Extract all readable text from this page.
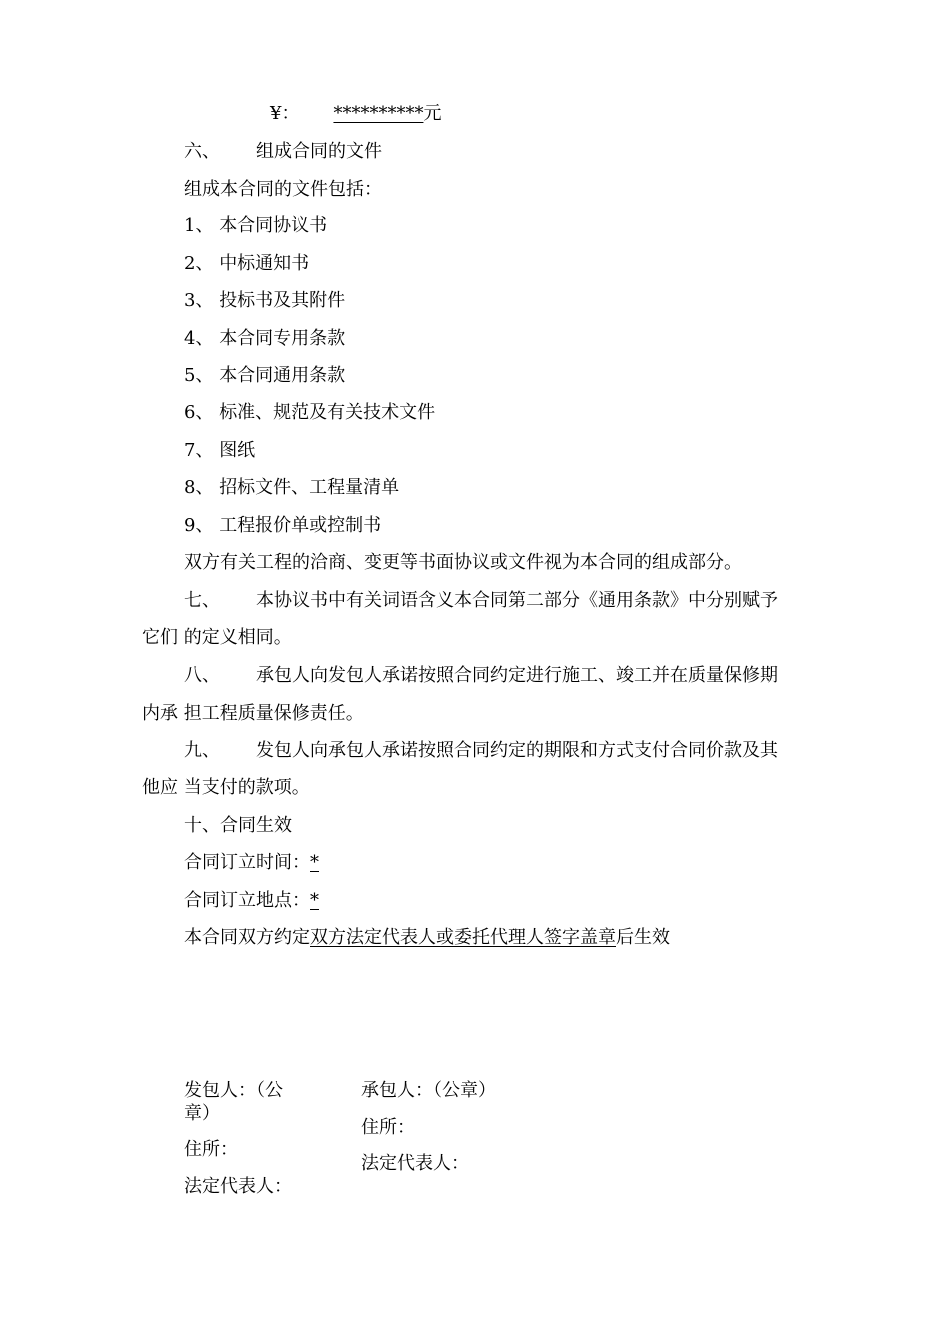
¥： **********元
六、 组成合同的文件
组成本合同的文件包括：
1、 本合同协议书
2、 中标通知书
3、 投标书及其附件
4、 本合同专用条款
5、 本合同通用条款
6、 标准、规范及有关技术文件
7、 图纸
8、 招标文件、工程量清单
9、 工程报价单或控制书
双方有关工程的洽商、变更等书面协议或文件视为本合同的组成部分。
七、 本协议书中有关词语含义本合同第二部分《通用条款》中分别赋予
它们 的定义相同。
八、 承包人向发包人承诺按照合同约定进行施工、竣工并在质量保修期
内承 担工程质量保修责任。
九、 发包人向承包人承诺按照合同约定的期限和方式支付合同价款及其
他应 当支付的款项。
十、合同生效
合同订立时间：*
合同订立地点：*
本合同双方约定双方法定代表人或委托代理人签字盖章后生效
发包人：（公
章）
住所：
法定代表人：
承包人：（公章）
住所：
法定代表人：
